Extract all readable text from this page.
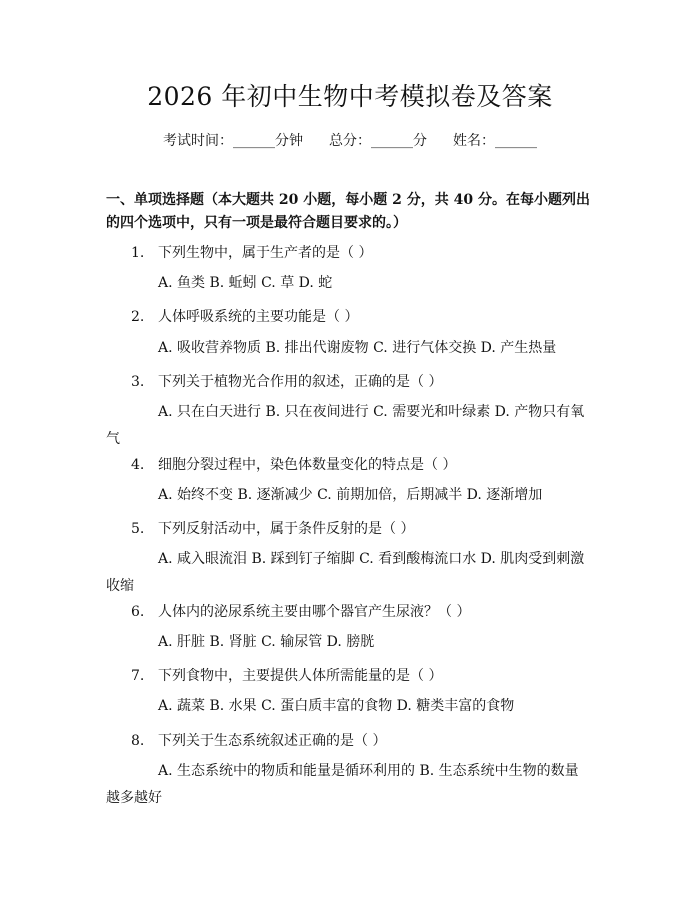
2026 年初中生物中考模拟卷及答案
考试时间：______分钟 总分：______分 姓名：______

一、单项选择题（本大题共 20 小题，每小题 2 分，共 40 分。在每小题列出的四个选项中，只有一项是最符合题目要求的。）

1. 下列生物中，属于生产者的是（ ）
A. 鱼类 B. 蚯蚓 C. 草 D. 蛇
2. 人体呼吸系统的主要功能是（ ）
A. 吸收营养物质 B. 排出代谢废物 C. 进行气体交换 D. 产生热量
3. 下列关于植物光合作用的叙述，正确的是（ ）
A. 只在白天进行 B. 只在夜间进行 C. 需要光和叶绿素 D. 产物只有氧气
4. 细胞分裂过程中，染色体数量变化的特点是（ ）
A. 始终不变 B. 逐渐减少 C. 前期加倍，后期减半 D. 逐渐增加
5. 下列反射活动中，属于条件反射的是（ ）
A. 咸入眼流泪 B. 踩到钉子缩脚 C. 看到酸梅流口水 D. 肌肉受到刺激收缩
6. 人体内的泌尿系统主要由哪个器官产生尿液？（ ）
A. 肝脏 B. 肾脏 C. 输尿管 D. 膀胱
7. 下列食物中，主要提供人体所需能量的是（ ）
A. 蔬菜 B. 水果 C. 蛋白质丰富的食物 D. 糖类丰富的食物
8. 下列关于生态系统叙述正确的是（ ）
A. 生态系统中的物质和能量是循环利用的 B. 生态系统中生物的数量越多越好
